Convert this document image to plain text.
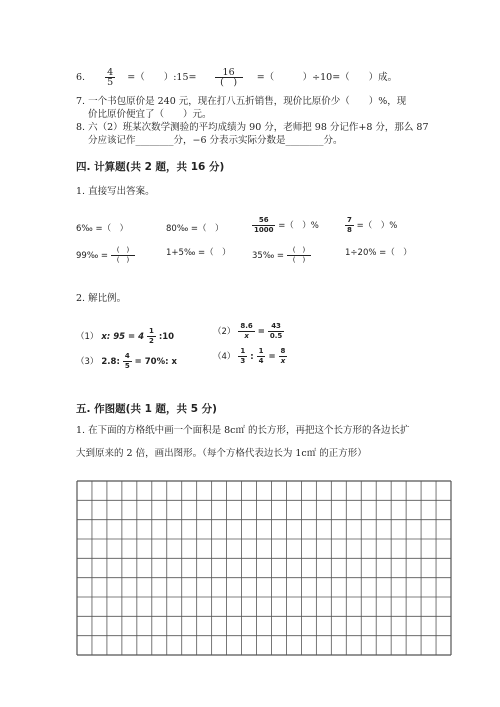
6. $\frac{4}{5}$ =（　　）:15= $\frac{16}{( )}$ =（　　　）÷10=（　　）成。
7. 一个书包原价是 240 元，现在打八五折销售，现价比原价少（　　）%，现
价比原价便宜了（　　）元。
8. 六（2）班某次数学测验的平均成绩为 90 分，老师把 98 分记作+8 分，那么 87
分应该记作________分，−6 分表示实际分数是________分。
四. 计算题(共 2 题，共 16 分)
1. 直接写出答案。
6‰ =（　）	80‰ =（　）	$\frac{56}{1000}$ =（　）%	$\frac{7}{8}$ =（　）%
99‰ = $\frac{( )}{( )}$	1+5‰ =（　）	35‰ = $\frac{( )}{( )}$	1÷20% =（　）
2. 解比例。
（1） x: $95 = 4 \frac{1}{2}$ :10	$(2) \frac{8.6}{x} = \frac{43}{0.5}$
（3） 2.8: $\frac{4}{5} = 70\%$: x	$(4) \frac{1}{3}$ : $\frac{1}{4} = \frac{8}{x}$
五. 作图题(共 1 题，共 5 分)
1. 在下面的方格纸中画一个面积是 8c㎡ 的长方形，再把这个长方形的各边长扩
大到原来的 2 倍，画出图形。（每个方格代表边长为 1c㎡ 的正方形）
